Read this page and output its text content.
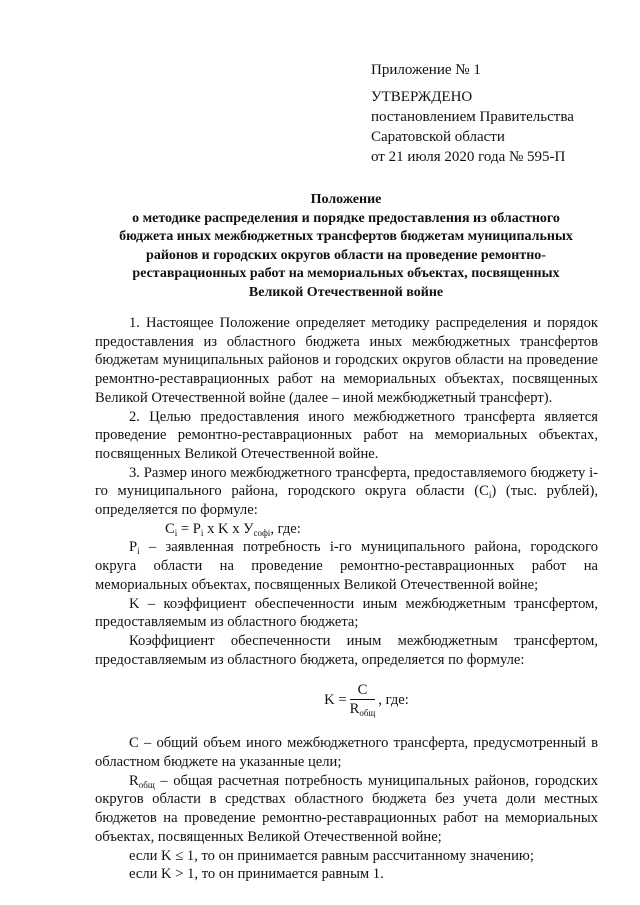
Приложение № 1
УТВЕРЖДЕНО
постановлением Правительства
Саратовской области
от 21 июля 2020 года № 595-П
Положение
о методике распределения и порядке предоставления из областного
бюджета иных межбюджетных трансфертов бюджетам муниципальных
районов и городских округов области на проведение ремонтно-
реставрационных работ на мемориальных объектах, посвященных
Великой Отечественной войне

1. Настоящее Положение определяет методику распределения и порядок предоставления из областного бюджета иных межбюджетных трансфертов бюджетам муниципальных районов и городских округов области на проведение ремонтно-реставрационных работ на мемориальных объектах, посвященных Великой Отечественной войне (далее – иной межбюджетный трансферт).

2. Целью предоставления иного межбюджетного трансферта является проведение ремонтно-реставрационных работ на мемориальных объектах, посвященных Великой Отечественной войне.

3. Размер иного межбюджетного трансферта, предоставляемого бюджету i-го муниципального района, городского округа области $(C_i)$ (тыс. рублей), определяется по формуле:

$C_i = P_i$ x K x $У_{софi}$, где:

$P_i$ – заявленная потребность i-го муниципального района, городского округа области на проведение ремонтно-реставрационных работ на мемориальных объектах, посвященных Великой Отечественной войне;

K – коэффициент обеспеченности иным межбюджетным трансфертом, предоставляемым из областного бюджета;

Коэффициент обеспеченности иным межбюджетным трансфертом, предоставляемым из областного бюджета, определяется по формуле:

$K = \frac{C}{R_{общ}}$ , где:

C – общий объем иного межбюджетного трансферта, предусмотренный в областном бюджете на указанные цели;

$R_{общ}$ – общая расчетная потребность муниципальных районов, городских округов области в средствах областного бюджета без учета доли местных бюджетов на проведение ремонтно-реставрационных работ на мемориальных объектах, посвященных Великой Отечественной войне;

если K ≤ 1, то он принимается равным рассчитанному значению;

если K > 1, то он принимается равным 1.
